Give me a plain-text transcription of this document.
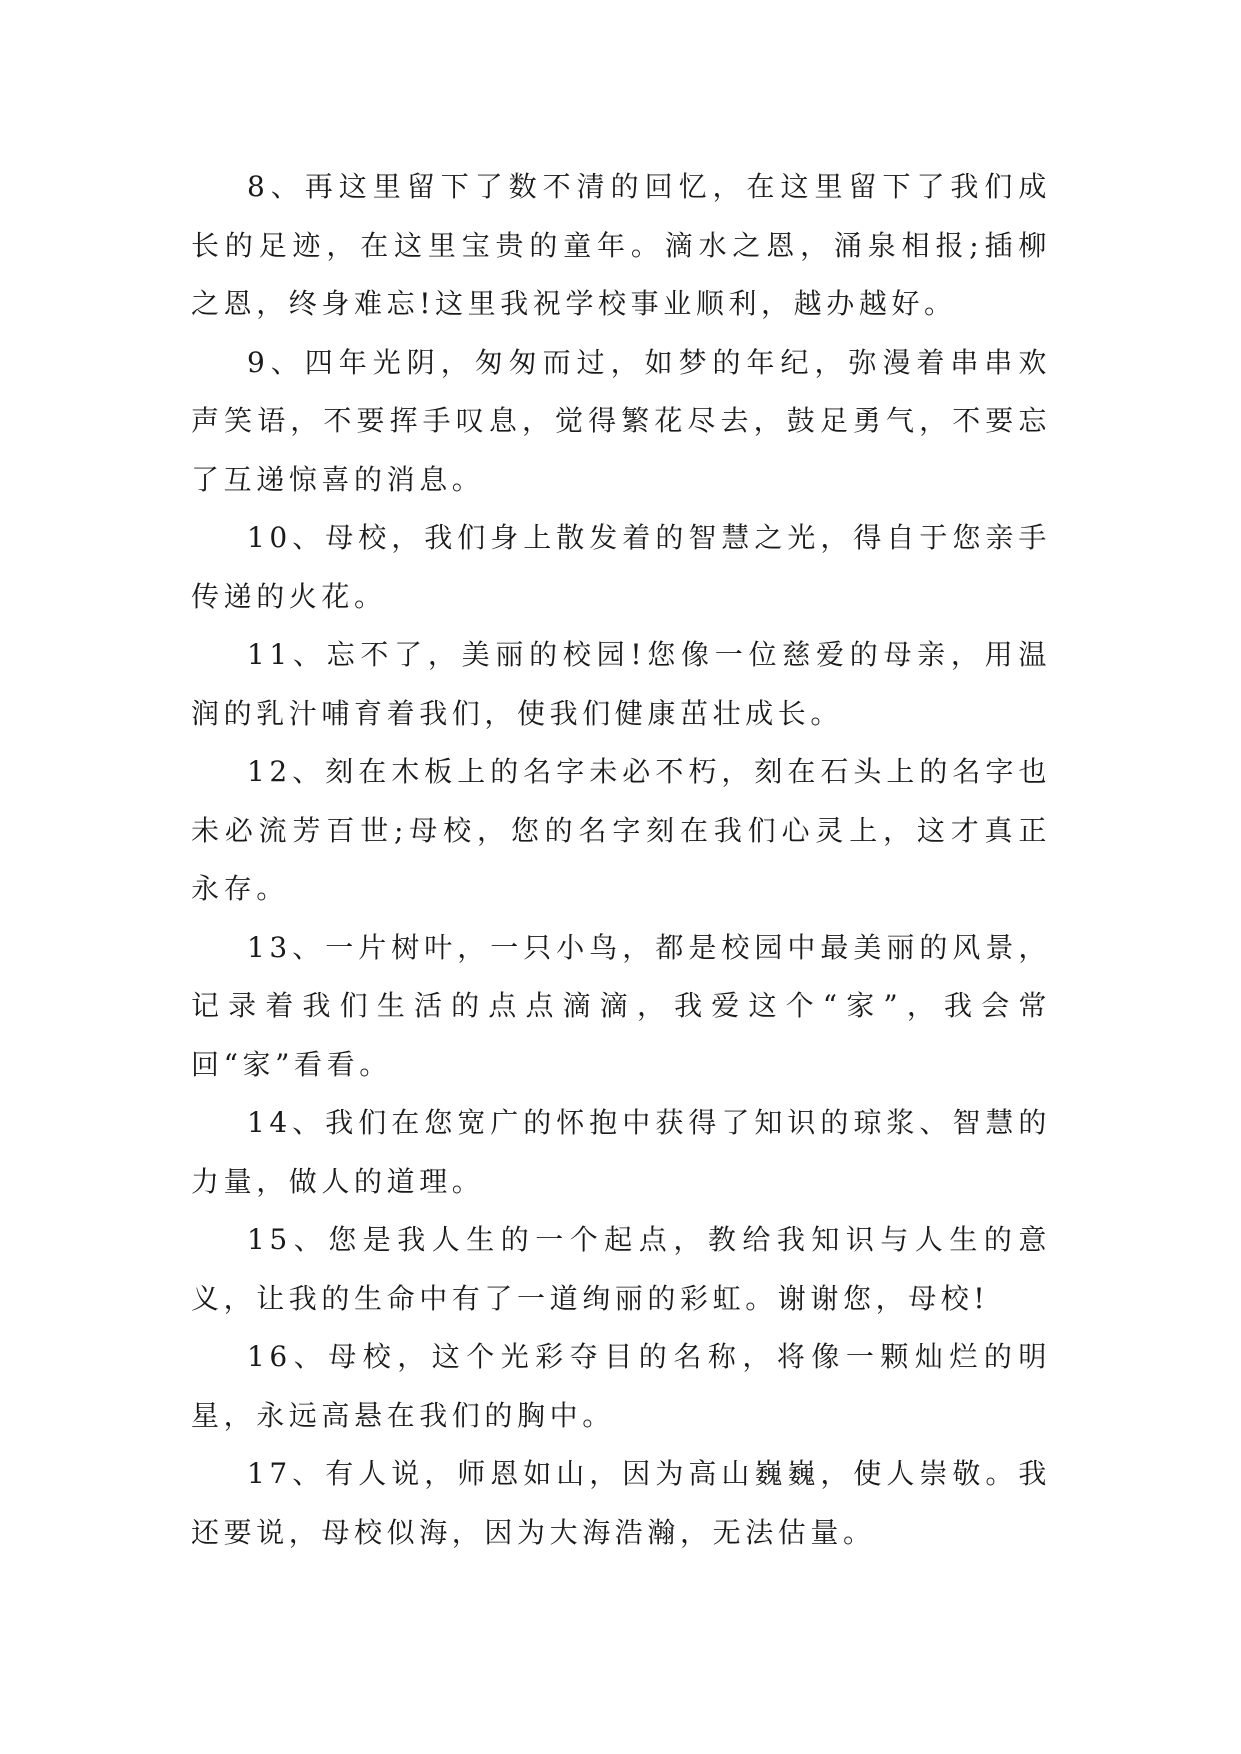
8、再这里留下了数不清的回忆，在这里留下了我们成长的足迹，在这里宝贵的童年。滴水之恩，涌泉相报;插柳之恩，终身难忘!这里我祝学校事业顺利，越办越好。

9、四年光阴，匆匆而过，如梦的年纪，弥漫着串串欢声笑语，不要挥手叹息，觉得繁花尽去，鼓足勇气，不要忘了互递惊喜的消息。

10、母校，我们身上散发着的智慧之光，得自于您亲手传递的火花。

11、忘不了，美丽的校园!您像一位慈爱的母亲，用温润的乳汁哺育着我们，使我们健康茁壮成长。

12、刻在木板上的名字未必不朽，刻在石头上的名字也未必流芳百世;母校，您的名字刻在我们心灵上，这才真正永存。

13、一片树叶，一只小鸟，都是校园中最美丽的风景，记录着我们生活的点点滴滴，我爱这个“家”，我会常回“家”看看。

14、我们在您宽广的怀抱中获得了知识的琼浆、智慧的力量，做人的道理。

15、您是我人生的一个起点，教给我知识与人生的意义，让我的生命中有了一道绚丽的彩虹。谢谢您，母校!

16、母校，这个光彩夺目的名称，将像一颗灿烂的明星，永远高悬在我们的胸中。

17、有人说，师恩如山，因为高山巍巍，使人崇敬。我还要说，母校似海，因为大海浩瀚，无法估量。
